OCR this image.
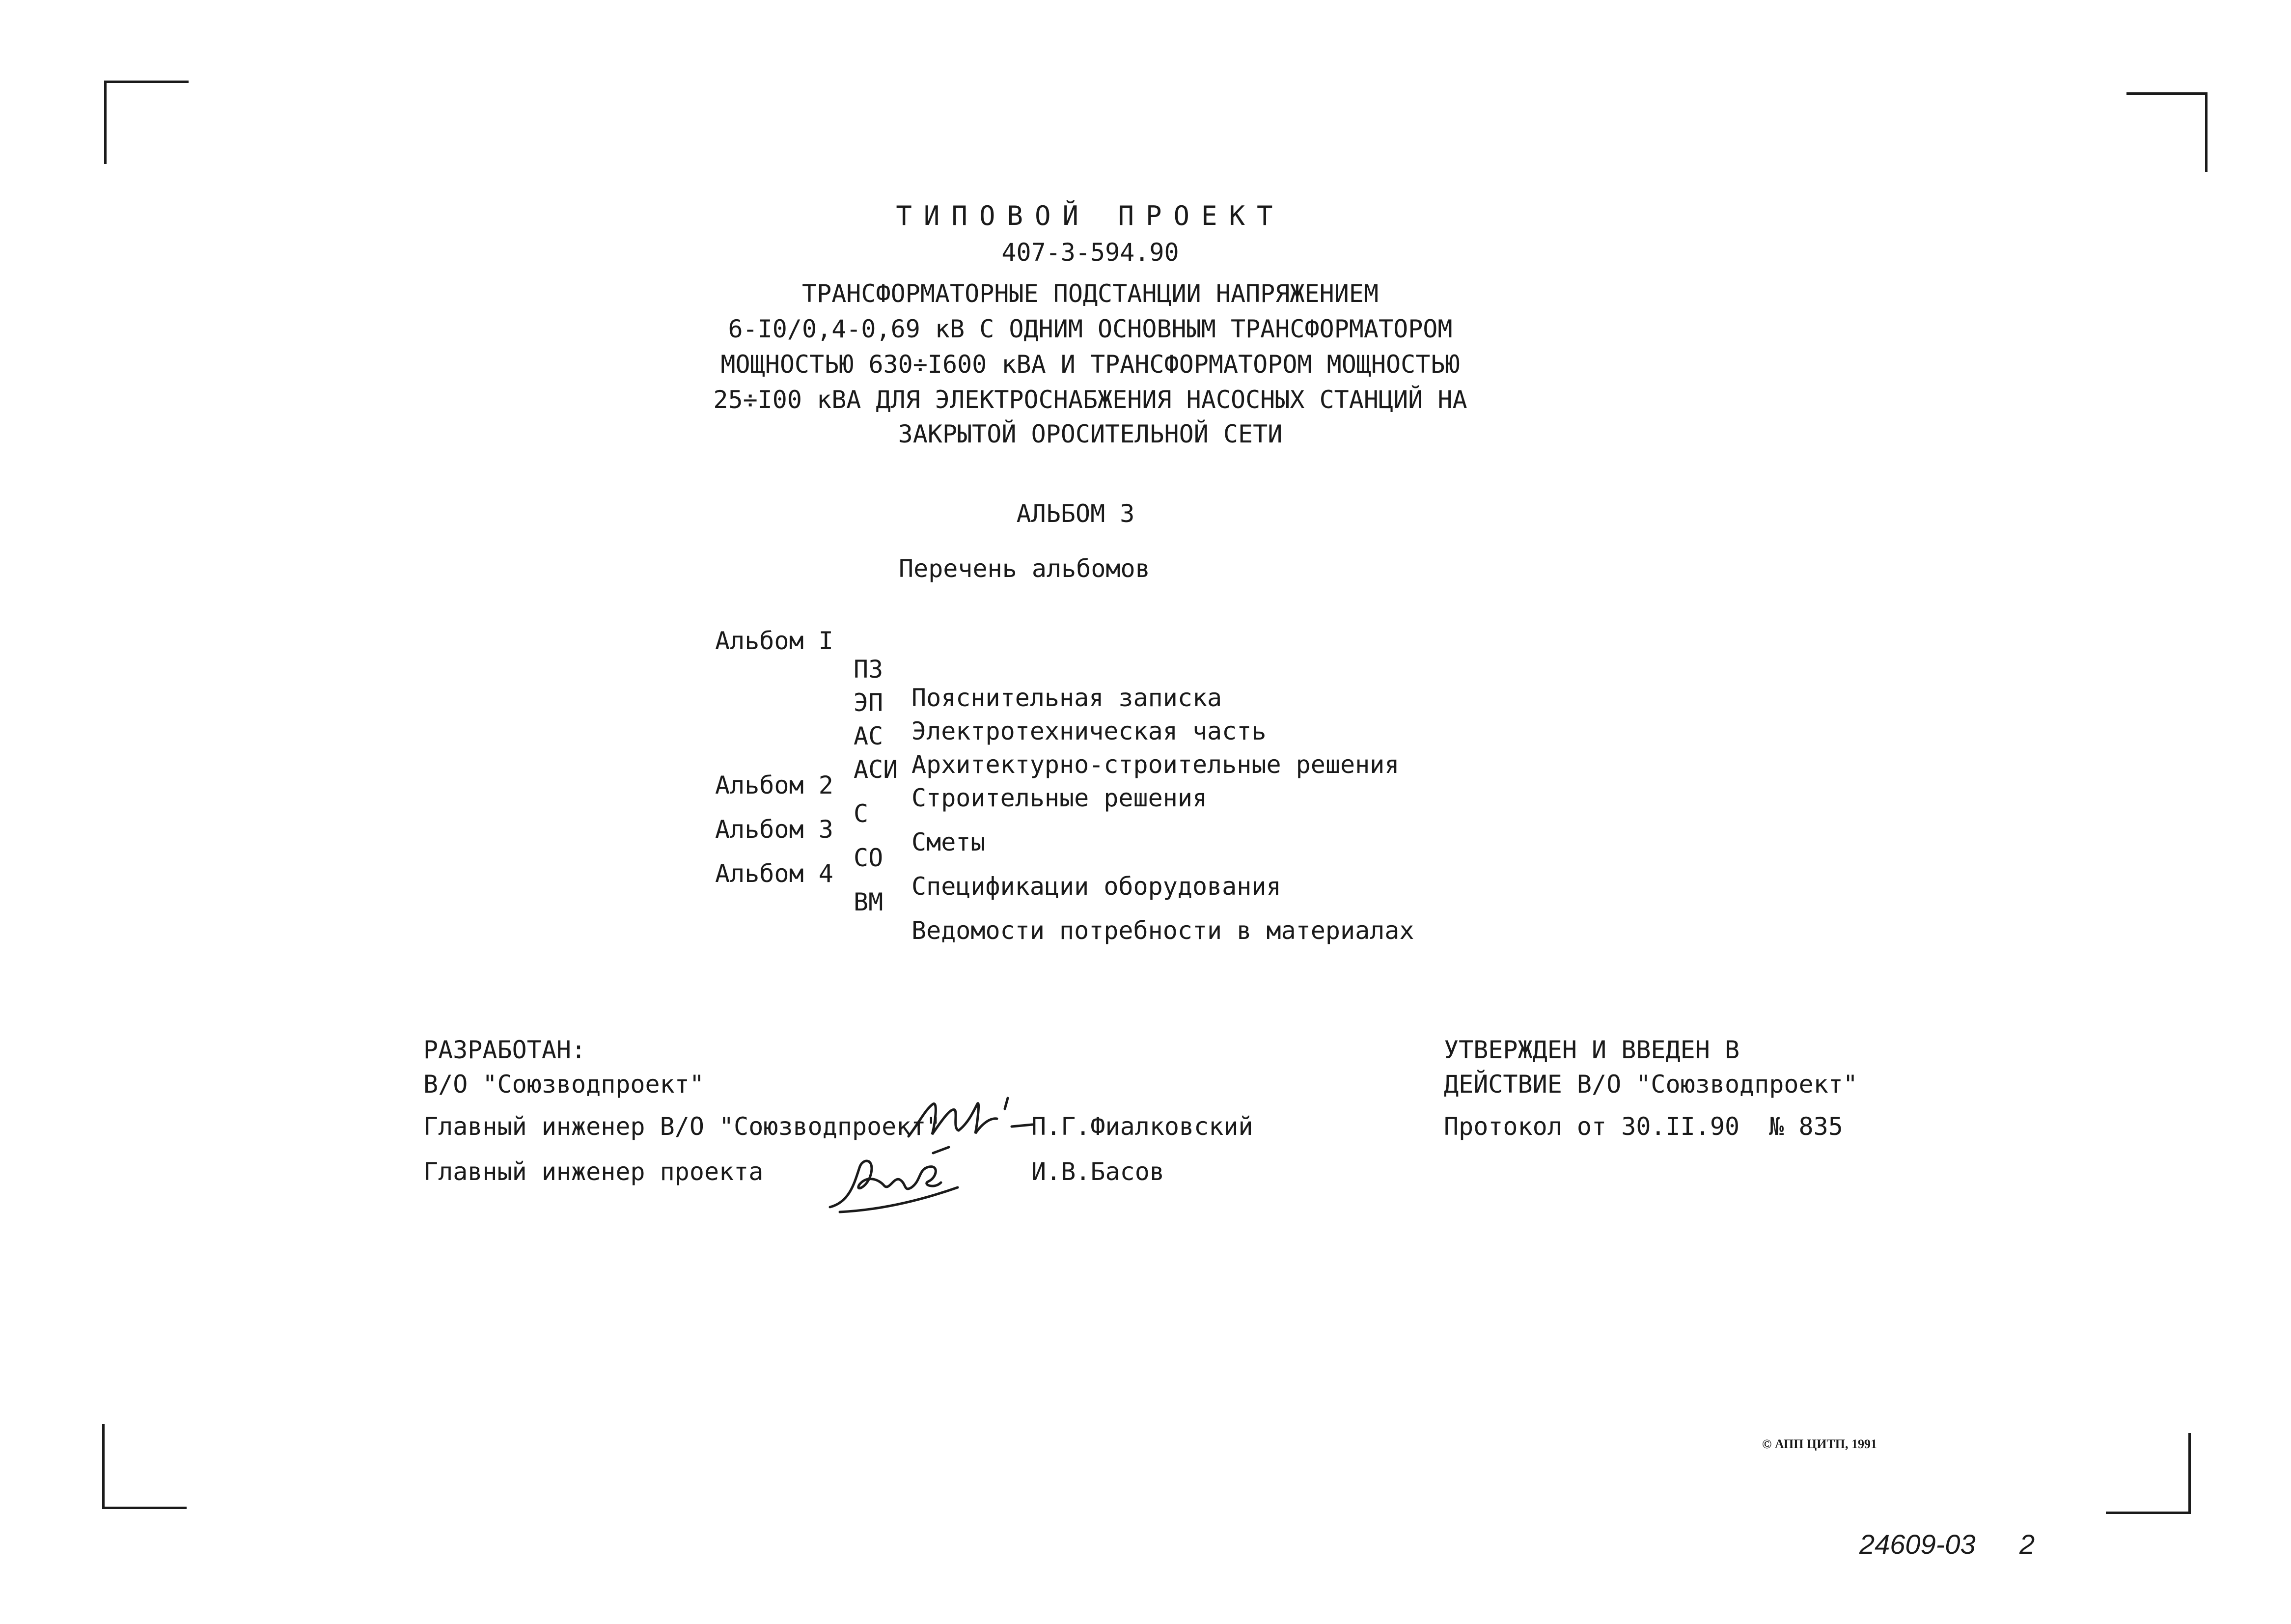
ТИПОВОЙ ПРОЕКТ
407-3-594.90
ТРАНСФОРМАТОРНЫЕ ПОДСТАНЦИИ НАПРЯЖЕНИЕМ
6-I0/0,4-0,69 кВ С ОДНИМ ОСНОВНЫМ ТРАНСФОРМАТОРОМ
МОЩНОСТЬЮ 630÷I600 кВА И ТРАНСФОРМАТОРОМ МОЩНОСТЬЮ
25÷I00 кВА ДЛЯ ЭЛЕКТРОСНАБЖЕНИЯ НАСОСНЫХ СТАНЦИЙ НА
ЗАКРЫТОЙ ОРОСИТЕЛЬНОЙ СЕТИ
АЛЬБОМ 3
Перечень альбомов

Альбом I

ПЗ

Пояснительная записка

ЭП

Электротехническая часть

АС

Архитектурно-строительные решения

АСИ

Строительные решения

Альбом 2

С

Сметы

Альбом 3

СО

Спецификации оборудования

Альбом 4

ВМ

Ведомости потребности в материалах

РАЗРАБОТАН:
В/О "Союзводпроект"
Главный инженер В/О "Союзводпроект"	П.Г.Фиалковский
Главный инженер проекта	И.В.Басов
УТВЕРЖДЕН И ВВЕДЕН В
ДЕЙСТВИЕ В/О "Союзводпроект"
Протокол от 30.II.90  № 835
© АПП ЦИТП, 1991
24609-03 2
